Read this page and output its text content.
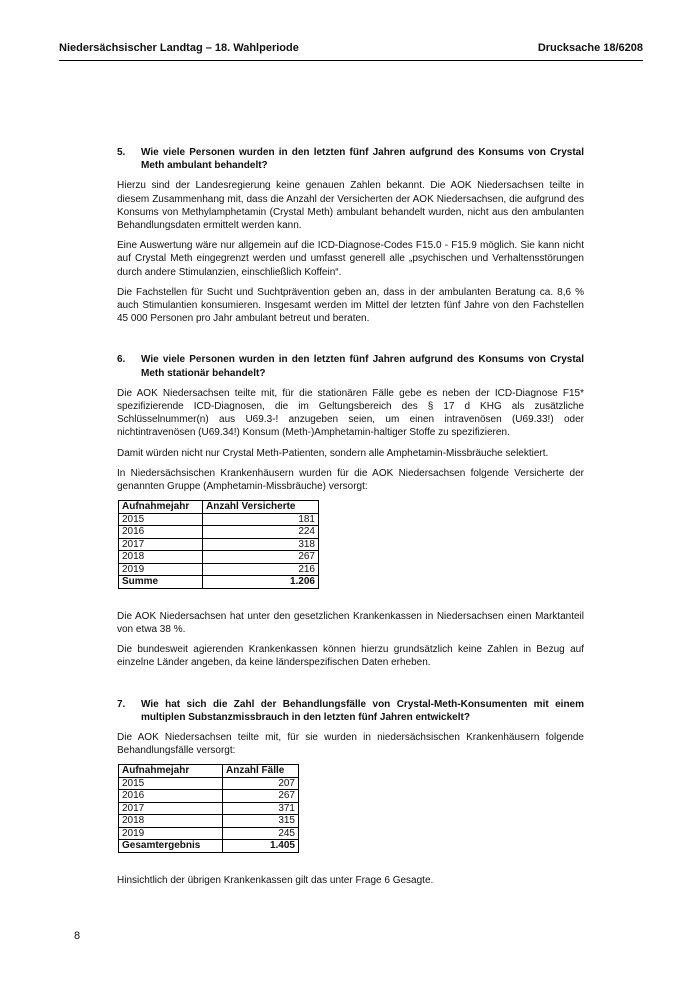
Niedersächsischer Landtag – 18. Wahlperiode	Drucksache 18/6208
5.	Wie viele Personen wurden in den letzten fünf Jahren aufgrund des Konsums von Crystal Meth ambulant behandelt?

Hierzu sind der Landesregierung keine genauen Zahlen bekannt. Die AOK Niedersachsen teilte in diesem Zusammenhang mit, dass die Anzahl der Versicherten der AOK Niedersachsen, die aufgrund des Konsums von Methylamphetamin (Crystal Meth) ambulant behandelt wurden, nicht aus den ambulanten Behandlungsdaten ermittelt werden kann.

Eine Auswertung wäre nur allgemein auf die ICD-Diagnose-Codes F15.0 - F15.9 möglich. Sie kann nicht auf Crystal Meth eingegrenzt werden und umfasst generell alle „psychischen und Verhaltensstörungen durch andere Stimulanzien, einschließlich Koffein“.

Die Fachstellen für Sucht und Suchtprävention geben an, dass in der ambulanten Beratung ca. 8,6 % auch Stimulantien konsumieren. Insgesamt werden im Mittel der letzten fünf Jahre von den Fachstellen 45 000 Personen pro Jahr ambulant betreut und beraten.

6.	Wie viele Personen wurden in den letzten fünf Jahren aufgrund des Konsums von Crystal Meth stationär behandelt?

Die AOK Niedersachsen teilte mit, für die stationären Fälle gebe es neben der ICD-Diagnose F15* spezifizierende ICD-Diagnosen, die im Geltungsbereich des § 17 d KHG als zusätzliche Schlüsselnummer(n) aus U69.3-! anzugeben seien, um einen intravenösen (U69.33!) oder nichtintravenösen (U69.34!) Konsum (Meth-)Amphetamin-haltiger Stoffe zu spezifizieren.

Damit würden nicht nur Crystal Meth-Patienten, sondern alle Amphetamin-Missbräuche selektiert.

In Niedersächsischen Krankenhäusern wurden für die AOK Niedersachsen folgende Versicherte der genannten Gruppe (Amphetamin-Missbräuche) versorgt:

Aufnahmejahr	Anzahl Versicherte
2015	181
2016	224
2017	318
2018	267
2019	216
Summe	1.206

Die AOK Niedersachsen hat unter den gesetzlichen Krankenkassen in Niedersachsen einen Marktanteil von etwa 38 %.

Die bundesweit agierenden Krankenkassen können hierzu grundsätzlich keine Zahlen in Bezug auf einzelne Länder angeben, da keine länderspezifischen Daten erheben.

7.	Wie hat sich die Zahl der Behandlungsfälle von Crystal-Meth-Konsumenten mit einem multiplen Substanzmissbrauch in den letzten fünf Jahren entwickelt?

Die AOK Niedersachsen teilte mit, für sie wurden in niedersächsischen Krankenhäusern folgende Behandlungsfälle versorgt:

Aufnahmejahr	Anzahl Fälle
2015	207
2016	267
2017	371
2018	315
2019	245
Gesamtergebnis	1.405

Hinsichtlich der übrigen Krankenkassen gilt das unter Frage 6 Gesagte.

8
